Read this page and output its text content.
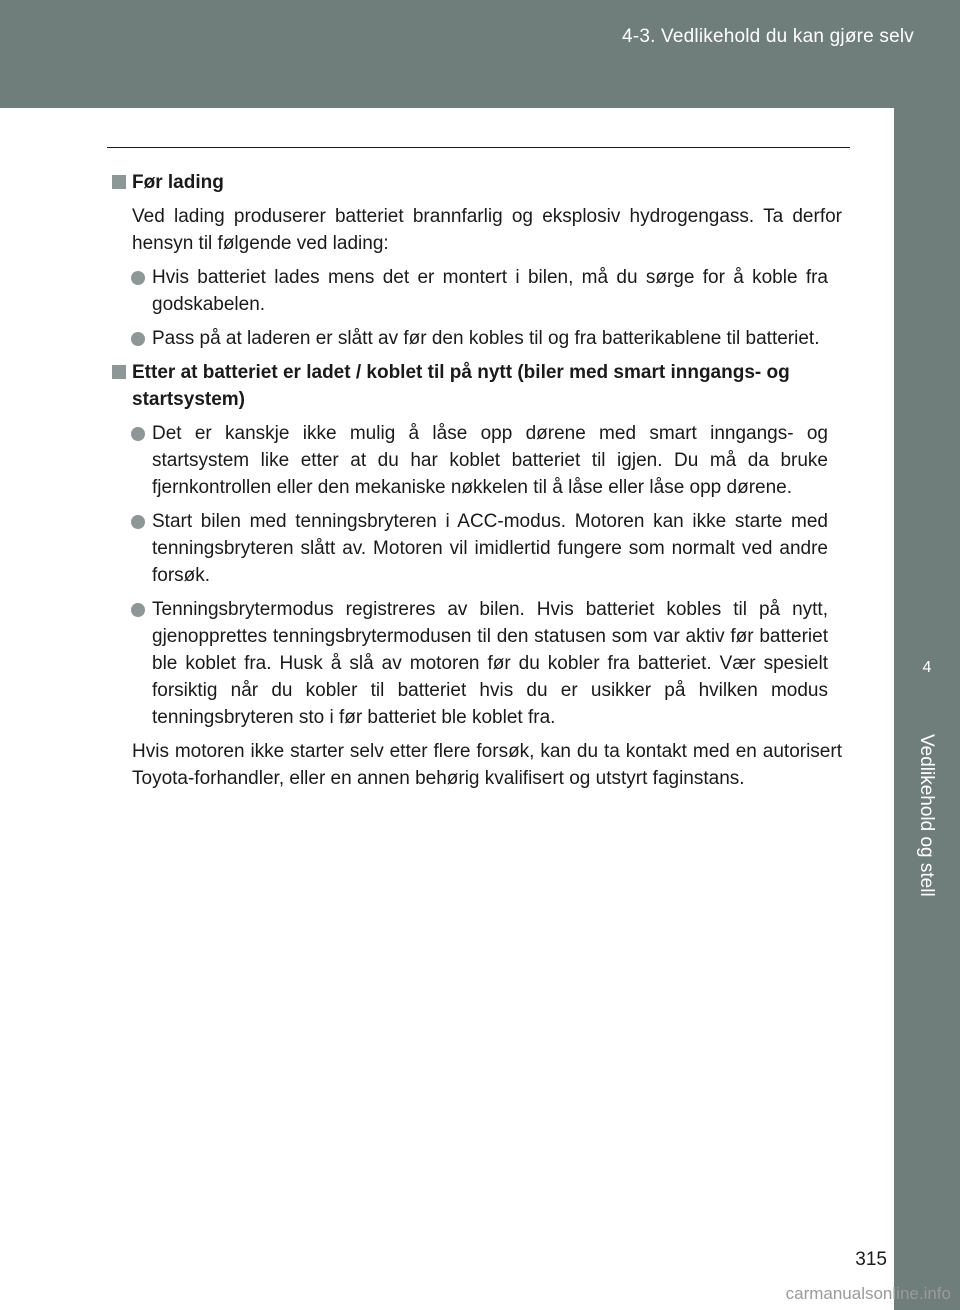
4-3. Vedlikehold du kan gjøre selv
4
Vedlikehold og stell
Før lading
Ved lading produserer batteriet brannfarlig og eksplosiv hydrogengass. Ta derfor hensyn til følgende ved lading:
Hvis batteriet lades mens det er montert i bilen, må du sørge for å koble fra godskabelen.
Pass på at laderen er slått av før den kobles til og fra batterikablene til batteriet.
Etter at batteriet er ladet / koblet til på nytt (biler med smart inngangs- og startsystem)
Det er kanskje ikke mulig å låse opp dørene med smart inngangs- og startsystem like etter at du har koblet batteriet til igjen. Du må da bruke fjernkontrollen eller den mekaniske nøkkelen til å låse eller låse opp dørene.
Start bilen med tenningsbryteren i ACC-modus. Motoren kan ikke starte med tenningsbryteren slått av. Motoren vil imidlertid fungere som normalt ved andre forsøk.
Tenningsbrytermodus registreres av bilen. Hvis batteriet kobles til på nytt, gjenopprettes tenningsbrytermodusen til den statusen som var aktiv før batteriet ble koblet fra. Husk å slå av motoren før du kobler fra batteriet. Vær spesielt forsiktig når du kobler til batteriet hvis du er usikker på hvilken modus tenningsbryteren sto i før batteriet ble koblet fra.
Hvis motoren ikke starter selv etter flere forsøk, kan du ta kontakt med en autorisert Toyota-forhandler, eller en annen behørig kvalifisert og utstyrt faginstans.
315
carmanualsonline.info
